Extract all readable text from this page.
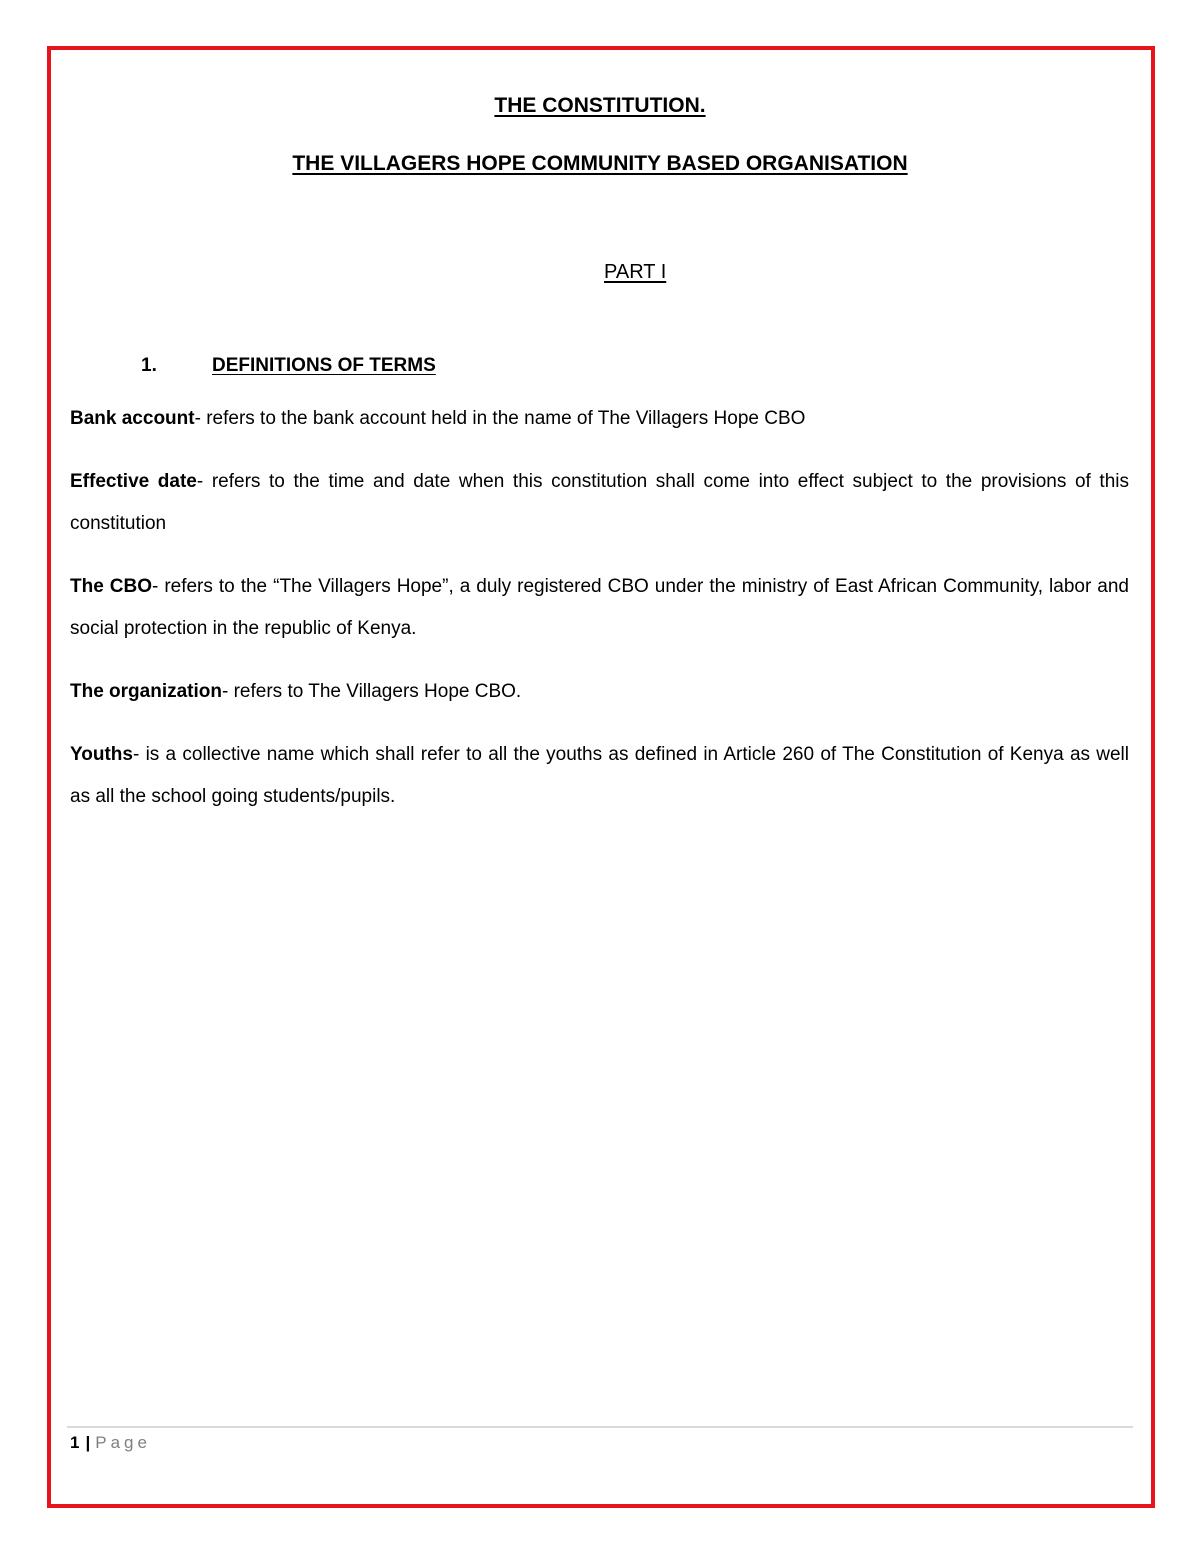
THE CONSTITUTION.
THE VILLAGERS HOPE COMMUNITY BASED ORGANISATION
PART I
1.	DEFINITIONS OF TERMS

Bank account- refers to the bank account held in the name of The Villagers Hope CBO

Effective date- refers to the time and date when this constitution shall come into effect subject to the provisions of this constitution

The CBO- refers to the “The Villagers Hope”, a duly registered CBO under the ministry of East African Community, labor and social protection in the republic of Kenya.

The organization- refers to The Villagers Hope CBO.

Youths- is a collective name which shall refer to all the youths as defined in Article 260 of The Constitution of Kenya as well as all the school going students/pupils.

1 | Page
